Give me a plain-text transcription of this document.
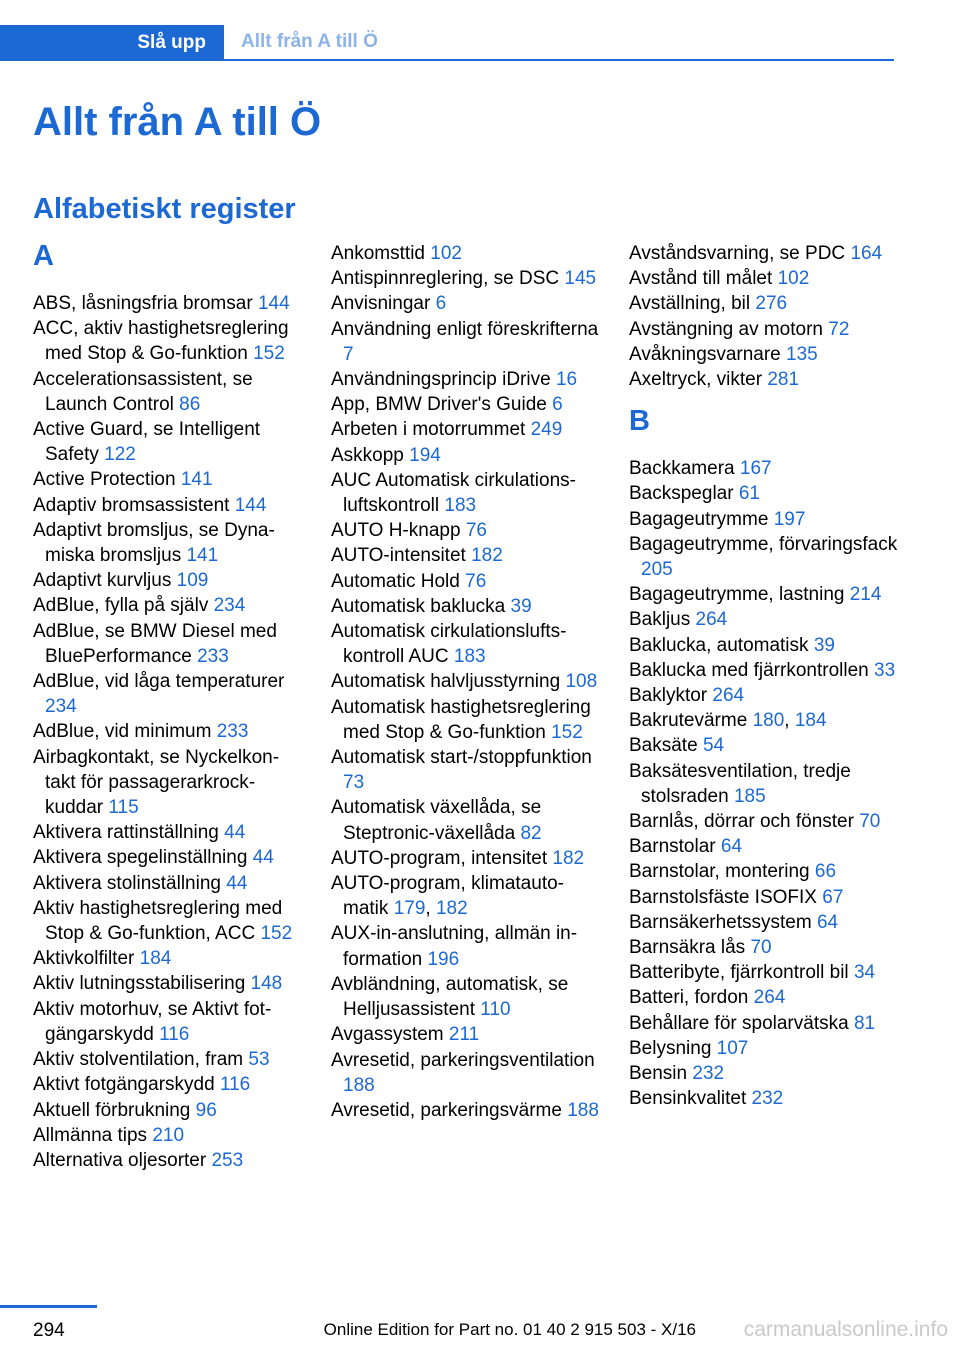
Slå upp	Allt från A till Ö
Allt från A till Ö
Alfabetiskt register
A
ABS, låsningsfria bromsar 144
ACC, aktiv hastighetsreglering med Stop & Go-funktion 152
Accelerationsassistent, se Launch Control 86
Active Guard, se Intelligent Safety 122
Active Protection 141
Adaptiv bromsassistent 144
Adaptivt bromsljus, se Dynamiska bromsljus 141
Adaptivt kurvljus 109
AdBlue, fylla på själv 234
AdBlue, se BMW Diesel med BluePerformance 233
AdBlue, vid låga temperaturer 234
AdBlue, vid minimum 233
Airbagkontakt, se Nyckelkontakt för passagerarkrockkuddar 115
Aktivera rattinställning 44
Aktivera spegelinställning 44
Aktivera stolinställning 44
Aktiv hastighetsreglering med Stop & Go-funktion, ACC 152
Aktivkolfilter 184
Aktiv lutningsstabilisering 148
Aktiv motorhuv, se Aktivt fotgängarskydd 116
Aktiv stolventilation, fram 53
Aktivt fotgängarskydd 116
Aktuell förbrukning 96
Allmänna tips 210
Alternativa oljesorter 253
Ankomsttid 102
Antispinnreglering, se DSC 145
Anvisningar 6
Användning enligt föreskrifterna 7
Användningsprincip iDrive 16
App, BMW Driver's Guide 6
Arbeten i motorrummet 249
Askkopp 194
AUC Automatisk cirkulationsluftskontroll 183
AUTO H-knapp 76
AUTO-intensitet 182
Automatic Hold 76
Automatisk baklucka 39
Automatisk cirkulationsluftskontroll AUC 183
Automatisk halvljusstyrning 108
Automatisk hastighetsreglering med Stop & Go-funktion 152
Automatisk start-/stoppfunktion 73
Automatisk växellåda, se Steptronic-växellåda 82
AUTO-program, intensitet 182
AUTO-program, klimatautomatik 179, 182
AUX-in-anslutning, allmän information 196
Avbländning, automatisk, se Helljusassistent 110
Avgassystem 211
Avresetid, parkeringsventilation 188
Avresetid, parkeringsvärme 188
Avståndsvarning, se PDC 164
Avstånd till målet 102
Avställning, bil 276
Avstängning av motorn 72
Avåkningsvarnare 135
Axeltryck, vikter 281
B
Backkamera 167
Backspeglar 61
Bagageutrymme 197
Bagageutrymme, förvaringsfack 205
Bagageutrymme, lastning 214
Bakljus 264
Baklucka, automatisk 39
Baklucka med fjärrkontrollen 33
Baklyktor 264
Bakrutevärme 180, 184
Baksäte 54
Baksätesventilation, tredje stolsraden 185
Barnlås, dörrar och fönster 70
Barnstolar 64
Barnstolar, montering 66
Barnstolsfäste ISOFIX 67
Barnsäkerhetssystem 64
Barnsäkra lås 70
Batteribyte, fjärrkontroll bil 34
Batteri, fordon 264
Behållare för spolarvätska 81
Belysning 107
Bensin 232
Bensinkvalitet 232
294	Online Edition for Part no. 01 40 2 915 503 - X/16 carmanualsonline.info
